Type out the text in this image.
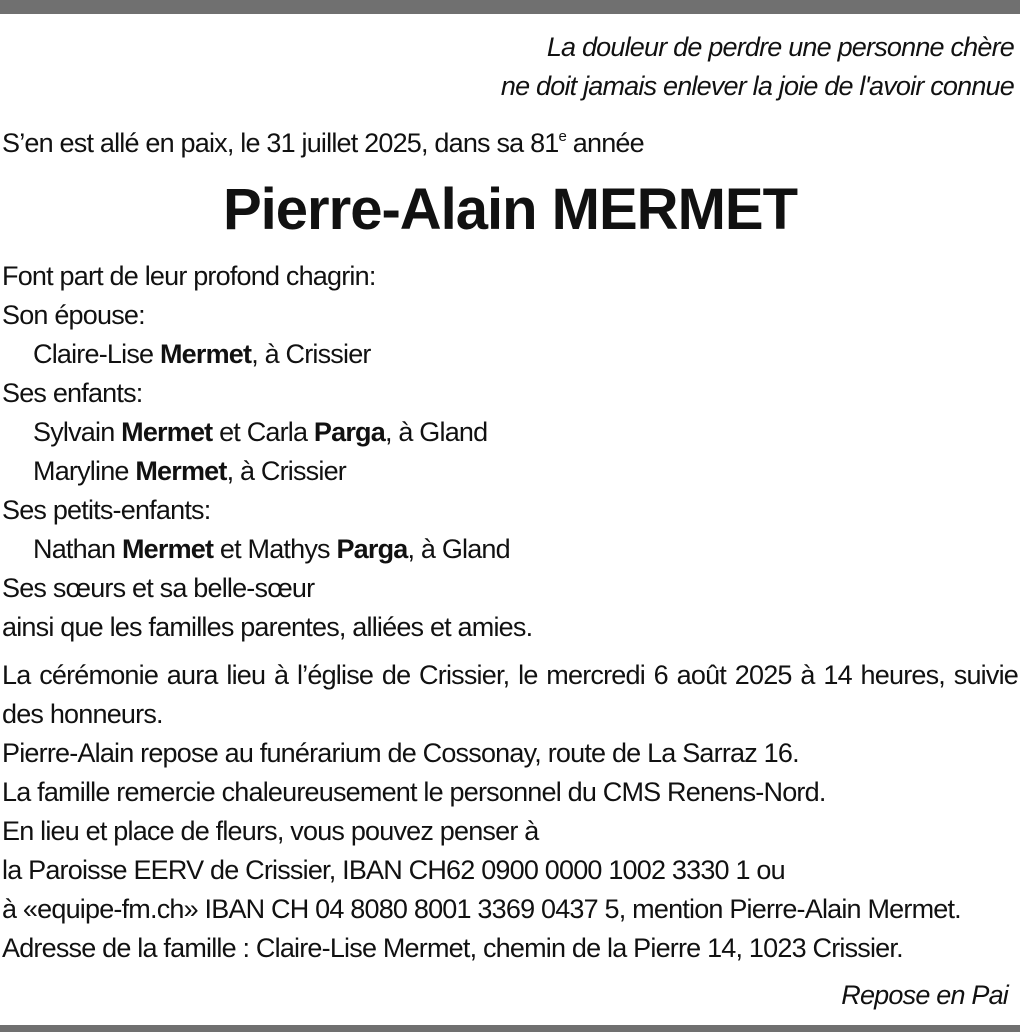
La douleur de perdre une personne chère
ne doit jamais enlever la joie de l'avoir connue
S’en est allé en paix, le 31 juillet 2025, dans sa 81e année
Pierre-Alain MERMET
Font part de leur profond chagrin:
Son épouse:
Claire-Lise Mermet, à Crissier
Ses enfants:
Sylvain Mermet et Carla Parga, à Gland
Maryline Mermet, à Crissier
Ses petits-enfants:
Nathan Mermet et Mathys Parga, à Gland
Ses sœurs et sa belle-sœur
ainsi que les familles parentes, alliées et amies.
La cérémonie aura lieu à l’église de Crissier, le mercredi 6 août 2025 à 14 heures, suivie des honneurs.
Pierre-Alain repose au funérarium de Cossonay, route de La Sarraz 16.
La famille remercie chaleureusement le personnel du CMS Renens-Nord.
En lieu et place de fleurs, vous pouvez penser à
la Paroisse EERV de Crissier, IBAN CH62 0900 0000 1002 3330 1 ou
à «equipe-fm.ch» IBAN CH 04 8080 8001 3369 0437 5, mention Pierre-Alain Mermet.
Adresse de la famille : Claire-Lise Mermet, chemin de la Pierre 14, 1023 Crissier.
Repose en Pai
